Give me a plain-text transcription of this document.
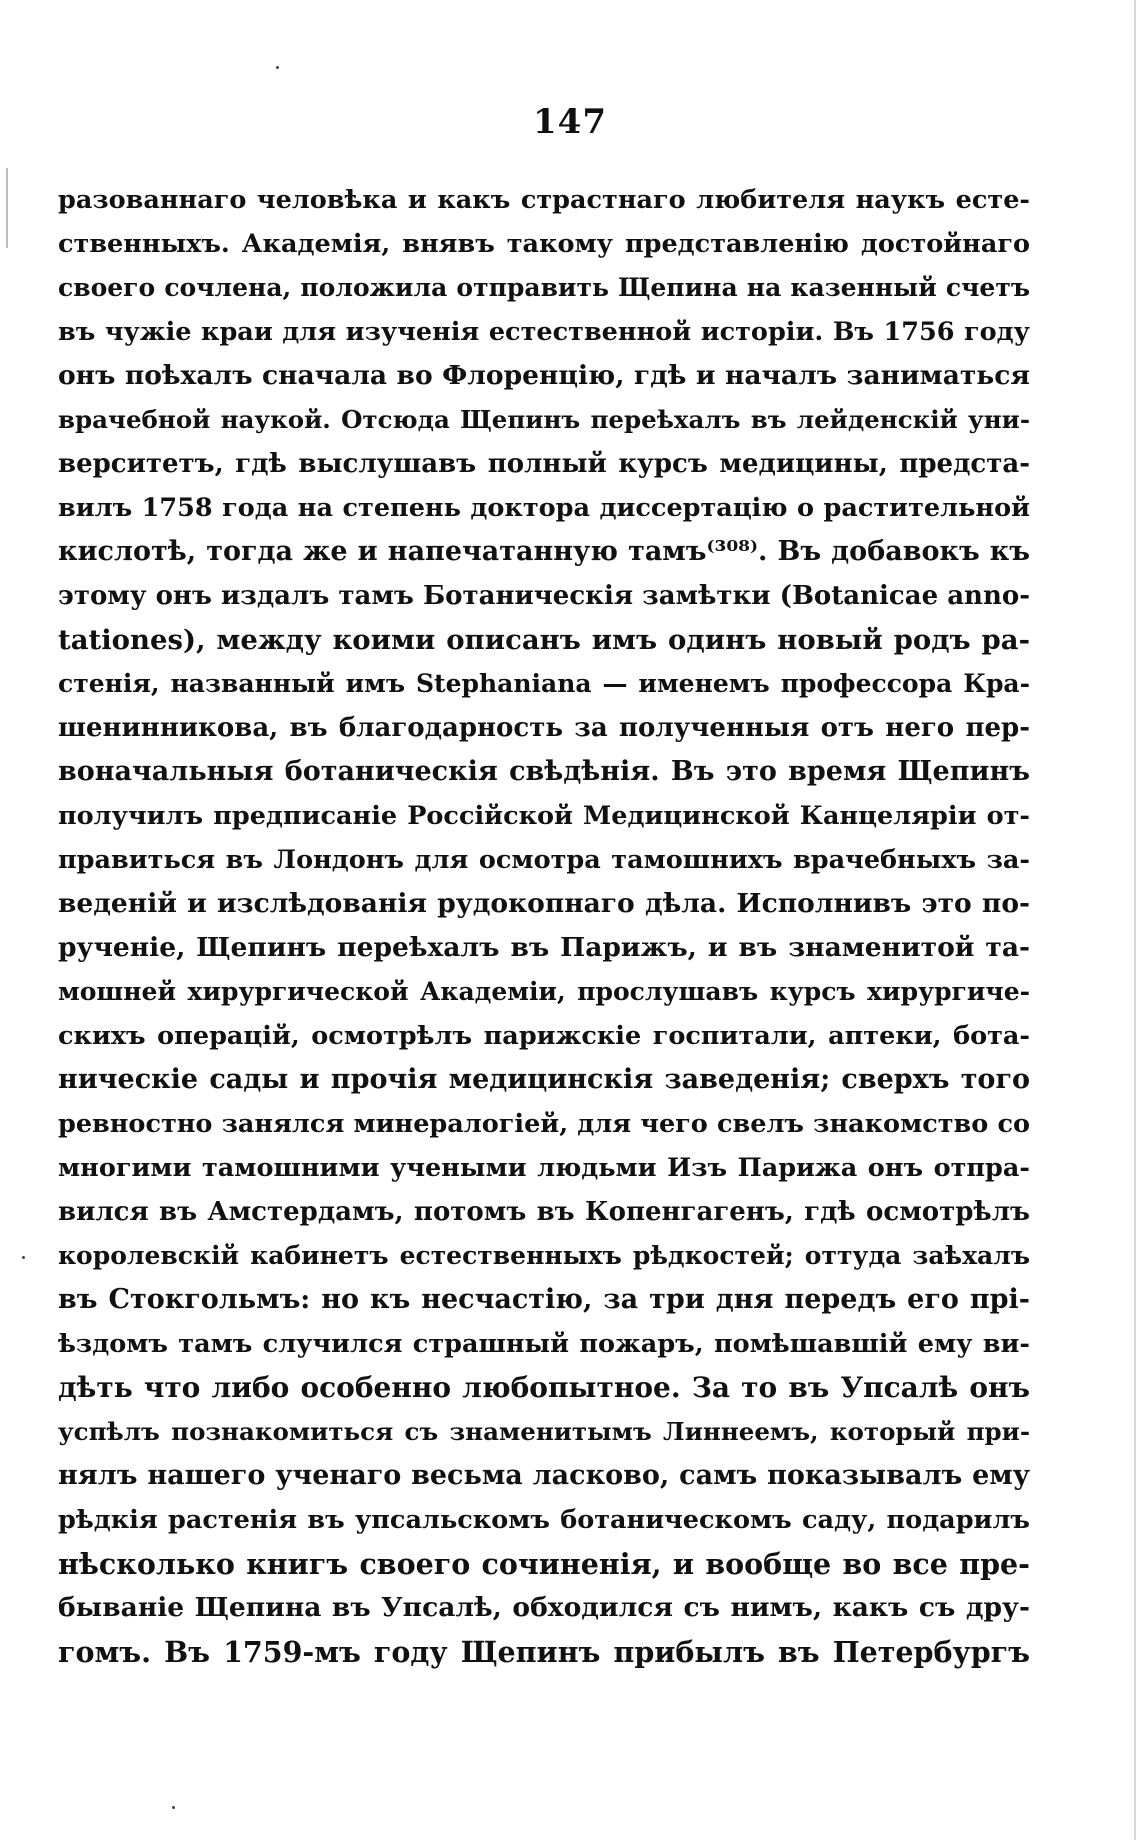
147
разованнаго человѣка и какъ страстнаго любителя наукъ есте-
ственныхъ. Академія, внявъ такому представленію достойнаго
своего сочлена, положила отправить Щепина на казенный счетъ
въ чужіе краи для изученія естественной исторіи. Въ 1756 году
онъ поѣхалъ сначала во Флоренцію, гдѣ и началъ заниматься
врачебной наукой. Отсюда Щепинъ переѣхалъ въ лейденскій уни-
верситетъ, гдѣ выслушавъ полный курсъ медицины, предста-
вилъ 1758 года на степень доктора диссертацію о растительной
кислотѣ, тогда же и напечатанную тамъ⁽³⁰⁸⁾. Въ добавокъ къ
этому онъ издалъ тамъ Ботаническія замѣтки (Botanicae anno-
tationes), между коими описанъ имъ одинъ новый родъ ра-
стенія, названный имъ Stephaniana — именемъ профессора Кра-
шенинникова, въ благодарность за полученныя отъ него пер-
воначальныя ботаническія свѣдѣнія. Въ это время Щепинъ
получилъ предписаніе Россійской Медицинской Канцеляріи от-
правиться въ Лондонъ для осмотра тамошнихъ врачебныхъ за-
веденій и изслѣдованія рудокопнаго дѣла. Исполнивъ это по-
рученіе, Щепинъ переѣхалъ въ Парижъ, и въ знаменитой та-
мошней хирургической Академіи, прослушавъ курсъ хирургиче-
скихъ операцій, осмотрѣлъ парижскіе госпитали, аптеки, бота-
ническіе сады и прочія медицинскія заведенія; сверхъ того
ревностно занялся минералогіей, для чего свелъ знакомство со
многими тамошними учеными людьми Изъ Парижа онъ отпра-
вился въ Амстердамъ, потомъ въ Копенгагенъ, гдѣ осмотрѣлъ
королевскій кабинетъ естественныхъ рѣдкостей; оттуда заѣхалъ
въ Стокгольмъ: но къ несчастію, за три дня передъ его прі-
ѣздомъ тамъ случился страшный пожаръ, помѣшавшій ему ви-
дѣть что либо особенно любопытное. За то въ Упсалѣ онъ
успѣлъ познакомиться съ знаменитымъ Линнеемъ, который при-
нялъ нашего ученаго весьма ласково, самъ показывалъ ему
рѣдкія растенія въ упсальскомъ ботаническомъ саду, подарилъ
нѣсколько книгъ своего сочиненія, и вообще во все пре-
бываніе Щепина въ Упсалѣ, обходился съ нимъ, какъ съ дру-
гомъ. Въ 1759-мъ году Щепинъ прибылъ въ Петербургъ
